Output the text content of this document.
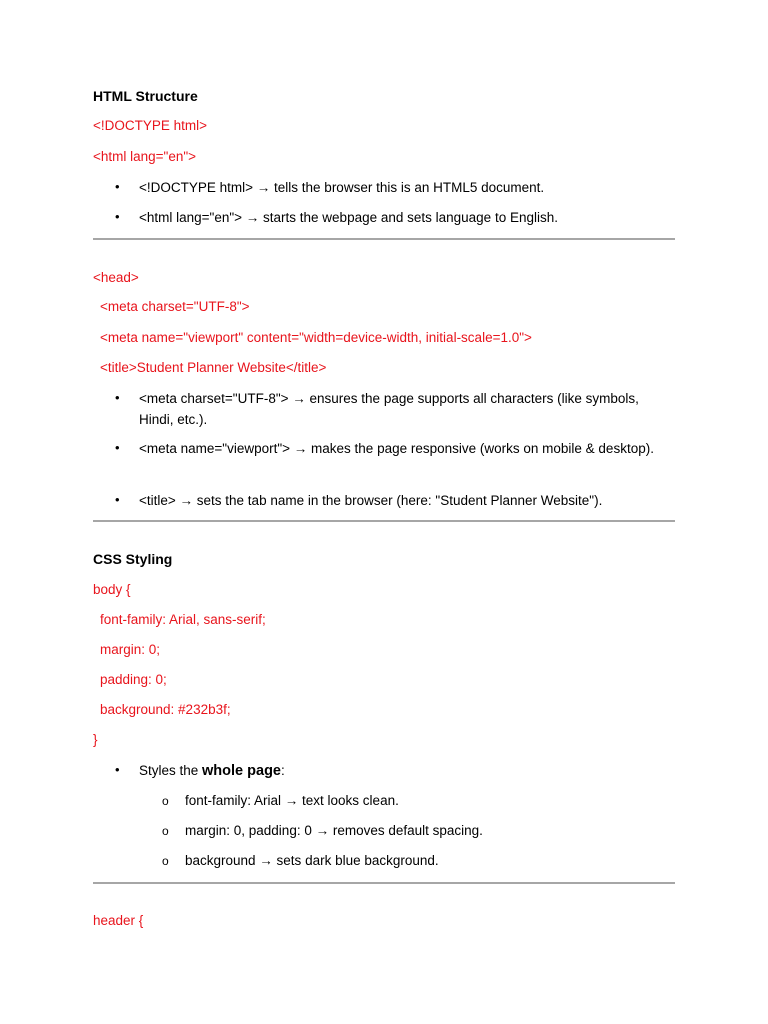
HTML Structure
<!DOCTYPE html>
<html lang="en">
• <!DOCTYPE html> → tells the browser this is an HTML5 document.
• <html lang="en"> → starts the webpage and sets language to English.
<head>
<meta charset="UTF-8">
<meta name="viewport" content="width=device-width, initial-scale=1.0">
<title>Student Planner Website</title>
• <meta charset="UTF-8"> → ensures the page supports all characters (like symbols, Hindi, etc.).
• <meta name="viewport"> → makes the page responsive (works on mobile & desktop).
• <title> → sets the tab name in the browser (here: "Student Planner Website").
CSS Styling
body {
font-family: Arial, sans-serif;
margin: 0;
padding: 0;
background: #232b3f;
}
• Styles the whole page:
o font-family: Arial → text looks clean.
o margin: 0, padding: 0 → removes default spacing.
o background → sets dark blue background.
header {
